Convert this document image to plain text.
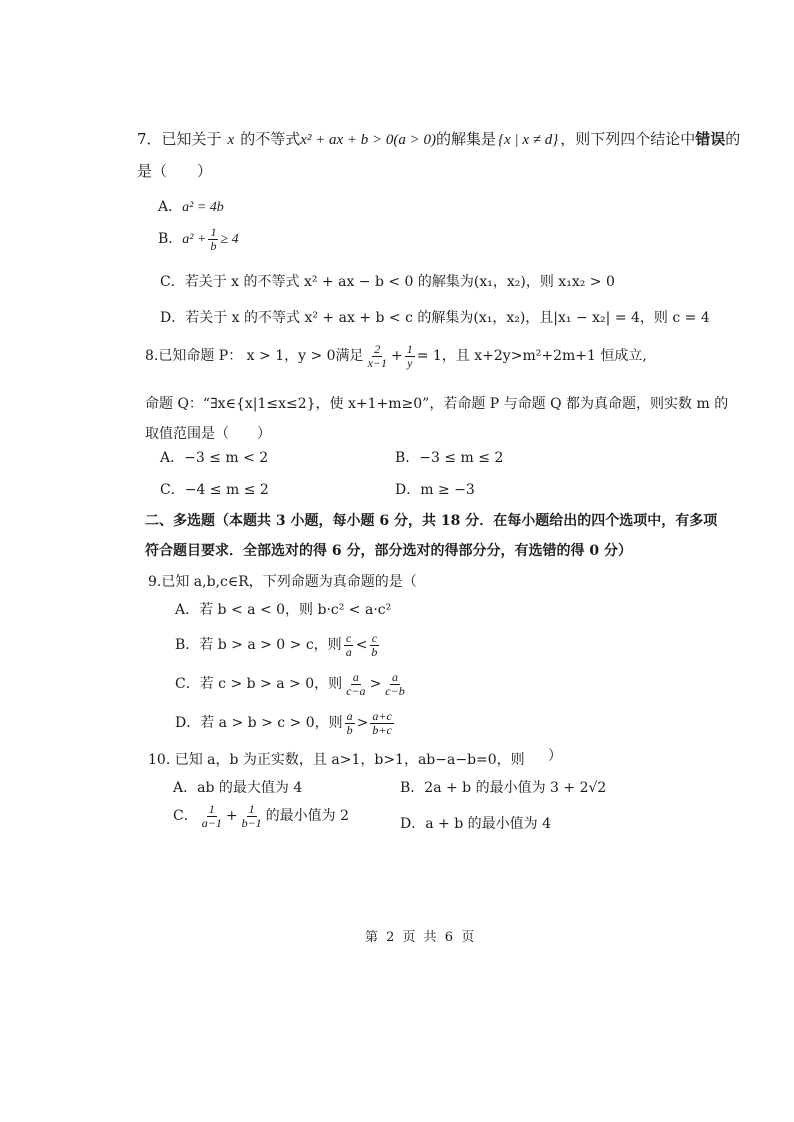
7．已知关于 x 的不等式x² + ax + b > 0(a > 0)的解集是 {x | x ≠ d} ，则下列四个结论中错误的
是（　　）
A．a² = 4b
B．$a^2 + \frac{1}{b} \ge 4$
C．若关于 x 的不等式 x² + ax − b < 0 的解集为(x₁，x₂)，则 x₁x₂ > 0
D．若关于 x 的不等式 x² + ax + b < c 的解集为(x₁，x₂)，且|x₁ − x₂| = 4，则 c = 4
8.已知命题 P： x > 1，y > 0满足 $\frac{2}{x-1} + \frac{1}{y} = 1$，且 x+2y>m²+2m+1 恒成立,
命题 Q：“∃x∈{x|1≤x≤2}，使 x+1+m≥0”，若命题 P 与命题 Q 都为真命题，则实数 m 的
取值范围是（　　）
A．−3 ≤ m < 2	B．−3 ≤ m ≤ 2
C．−4 ≤ m ≤ 2	D．m ≥ −3
二、多选题（本题共 3 小题，每小题 6 分，共 18 分．在每小题给出的四个选项中，有多项
符合题目要求．全部选对的得 6 分，部分选对的得部分分，有选错的得 0 分）
9.已知 a,b,c∈R，下列命题为真命题的是（
A．若 b < a < 0，则 b·c² < a·c²
B．若 b > a > 0 > c，则 $\frac{c}{a} < \frac{c}{b}$
C．若 c > b > a > 0，则 $\frac{a}{c-a} > \frac{a}{c-b}$
D．若 a > b > c > 0，则 $\frac{a}{b} > \frac{a+c}{b+c}$
10. 已知 a，b 为正实数，且 a>1，b>1，ab−a−b=0，则 ）
A．ab 的最大值为 4	B．2a + b 的最小值为 3 + 2√2
C． $\frac{1}{a-1} + \frac{1}{b-1}$ 的最小值为 2	D．a + b 的最小值为 4
第 2 页 共 6 页
